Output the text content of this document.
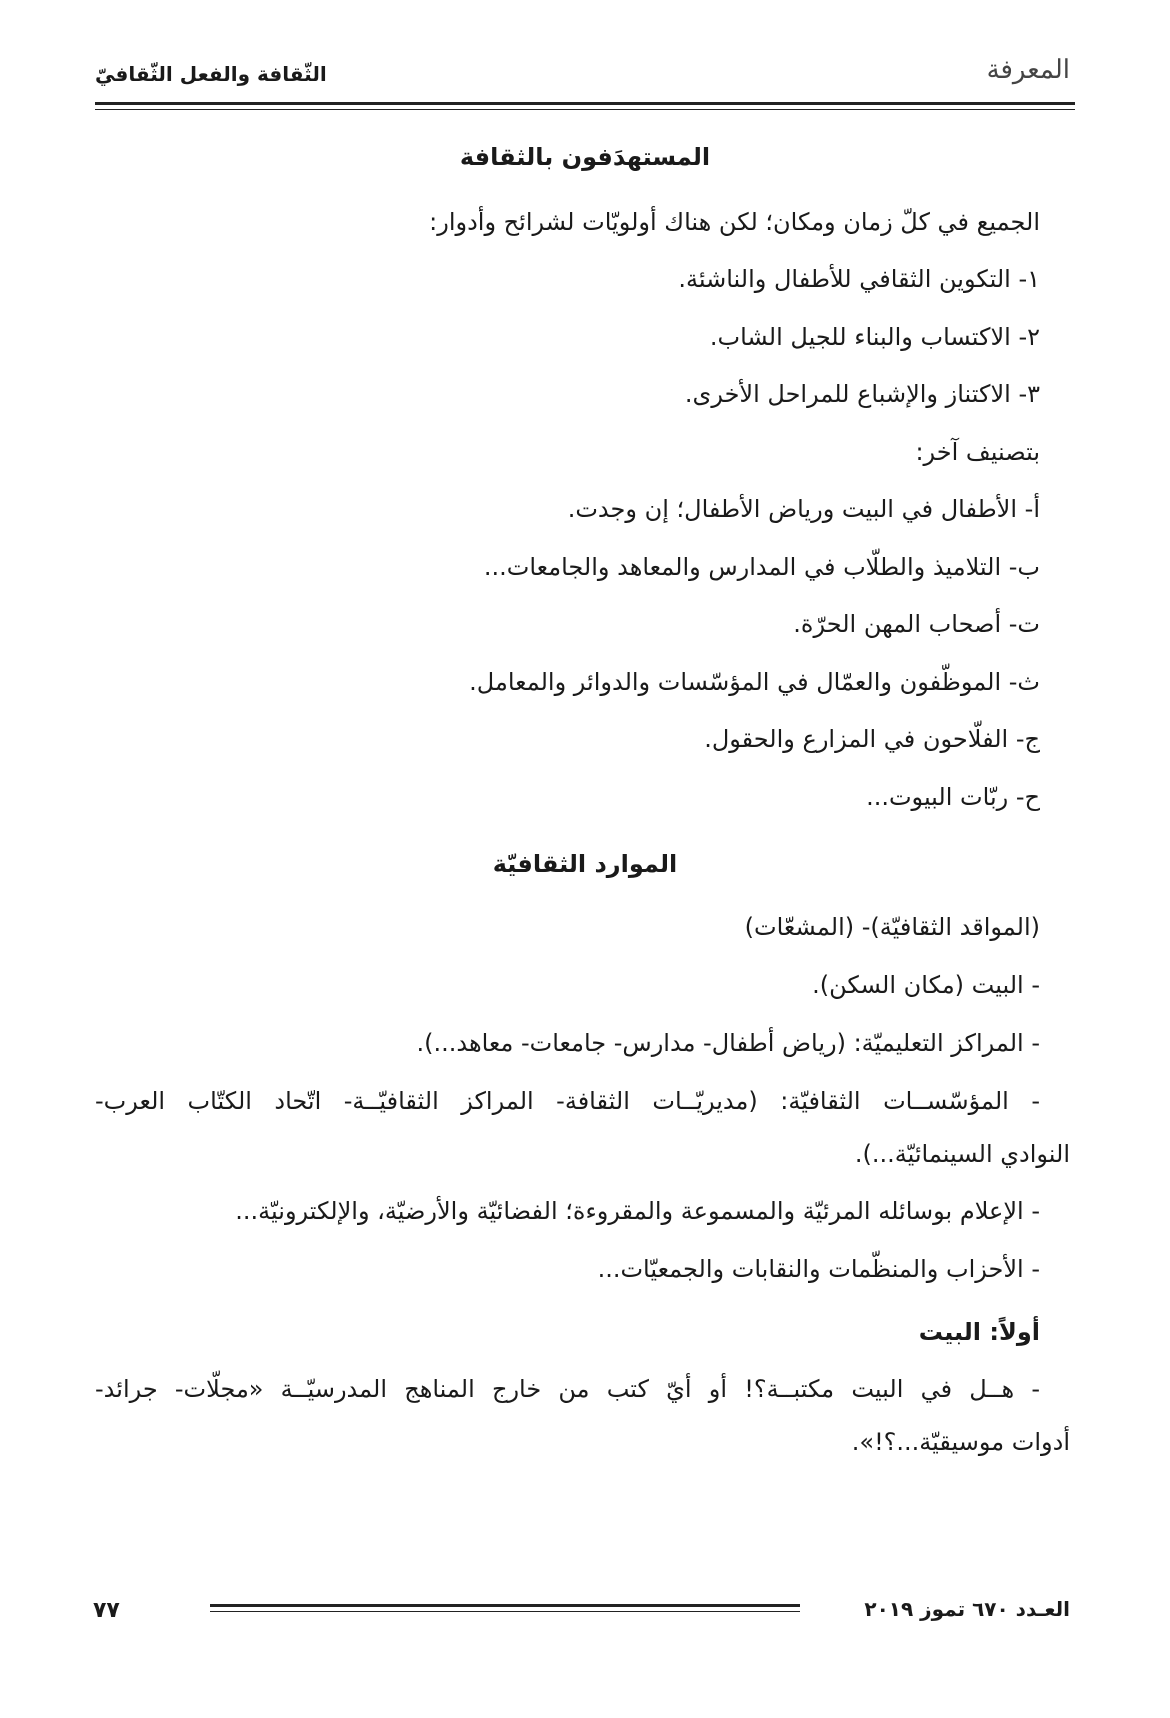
المعرفة
الثّقافة والفعل الثّقافيّ
المستهدَفون بالثقافة
الجميع في كلّ زمان ومكان؛ لكن هناك أولويّات لشرائح وأدوار:
١- التكوين الثقافي للأطفال والناشئة.
٢- الاكتساب والبناء للجيل الشاب.
٣- الاكتناز والإشباع للمراحل الأخرى.
بتصنيف آخر:
أ- الأطفال في البيت ورياض الأطفال؛ إن وجدت.
ب- التلاميذ والطلّاب في المدارس والمعاهد والجامعات...
ت- أصحاب المهن الحرّة.
ث- الموظّفون والعمّال في المؤسّسات والدوائر والمعامل.
ج- الفلّاحون في المزارع والحقول.
ح- ربّات البيوت...
الموارد الثقافيّة
(المواقد الثقافيّة)- (المشعّات)
- البيت (مكان السكن).
- المراكز التعليميّة: (رياض أطفال- مدارس- جامعات- معاهد...).
- المؤسّســات الثقافيّة: (مديريّــات الثقافة- المراكز الثقافيّــة- اتّحاد الكتّاب العرب-
النوادي السينمائيّة...).
- الإعلام بوسائله المرئيّة والمسموعة والمقروءة؛ الفضائيّة والأرضيّة، والإلكترونيّة...
- الأحزاب والمنظّمات والنقابات والجمعيّات...
أولاً: البيت
- هــل في البيت مكتبــة؟! أو أيّ كتب من خارج المناهج المدرسيّــة «مجلّات- جرائد-
أدوات موسيقيّة...؟!».
٧٧	العـدد ٦٧٠ تموز ٢٠١٩
